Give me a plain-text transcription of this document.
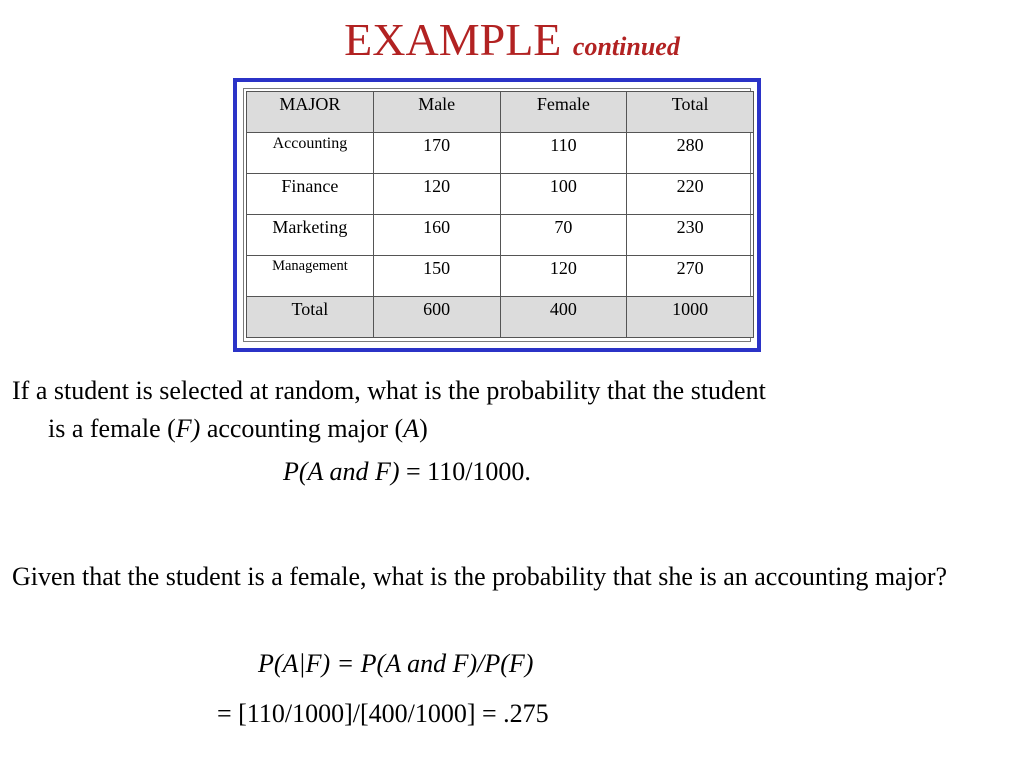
EXAMPLE continued
MAJOR	Male	Female	Total
Accounting	170	110	280
Finance	120	100	220
Marketing	160	70	230
Management	150	120	270
Total	600	400	1000
If a student is selected at random, what is the probability that the student
is a female (F) accounting major (A)
P(A and F) = 110/1000.
Given that the student is a female, what is the probability that she is an accounting major?
P(A|F) = P(A and F)/P(F)
= [110/1000]/[400/1000] = .275
